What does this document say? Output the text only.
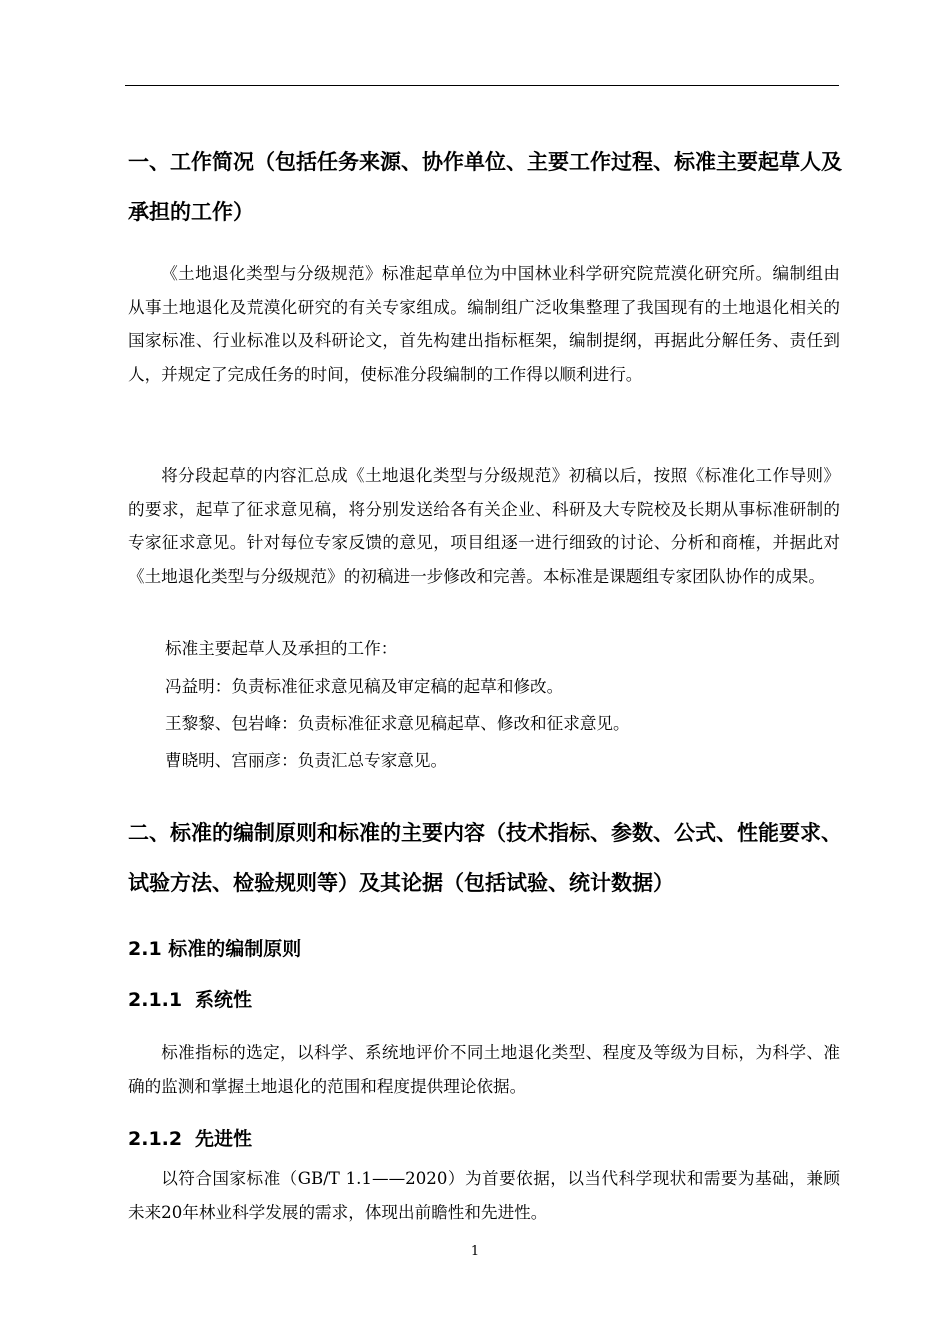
一、工作简况（包括任务来源、协作单位、主要工作过程、标准主要起草人及承担的工作）

《土地退化类型与分级规范》标准起草单位为中国林业科学研究院荒漠化研究所。编制组由从事土地退化及荒漠化研究的有关专家组成。编制组广泛收集整理了我国现有的土地退化相关的国家标准、行业标准以及科研论文，首先构建出指标框架，编制提纲，再据此分解任务、责任到人，并规定了完成任务的时间，使标准分段编制的工作得以顺利进行。

将分段起草的内容汇总成《土地退化类型与分级规范》初稿以后，按照《标准化工作导则》的要求，起草了征求意见稿，将分别发送给各有关企业、科研及大专院校及长期从事标准研制的专家征求意见。针对每位专家反馈的意见，项目组逐一进行细致的讨论、分析和商榷，并据此对《土地退化类型与分级规范》的初稿进一步修改和完善。本标准是课题组专家团队协作的成果。

标准主要起草人及承担的工作：

冯益明：负责标准征求意见稿及审定稿的起草和修改。

王黎黎、包岩峰：负责标准征求意见稿起草、修改和征求意见。

曹晓明、宫丽彦：负责汇总专家意见。

二、标准的编制原则和标准的主要内容（技术指标、参数、公式、性能要求、试验方法、检验规则等）及其论据（包括试验、统计数据）
2.1 标准的编制原则
2.1.1 系统性

标准指标的选定，以科学、系统地评价不同土地退化类型、程度及等级为目标，为科学、准确的监测和掌握土地退化的范围和程度提供理论依据。

2.1.2 先进性

以符合国家标准（GB/T 1.1——2020）为首要依据，以当代科学现状和需要为基础，兼顾未来20年林业科学发展的需求，体现出前瞻性和先进性。

1
